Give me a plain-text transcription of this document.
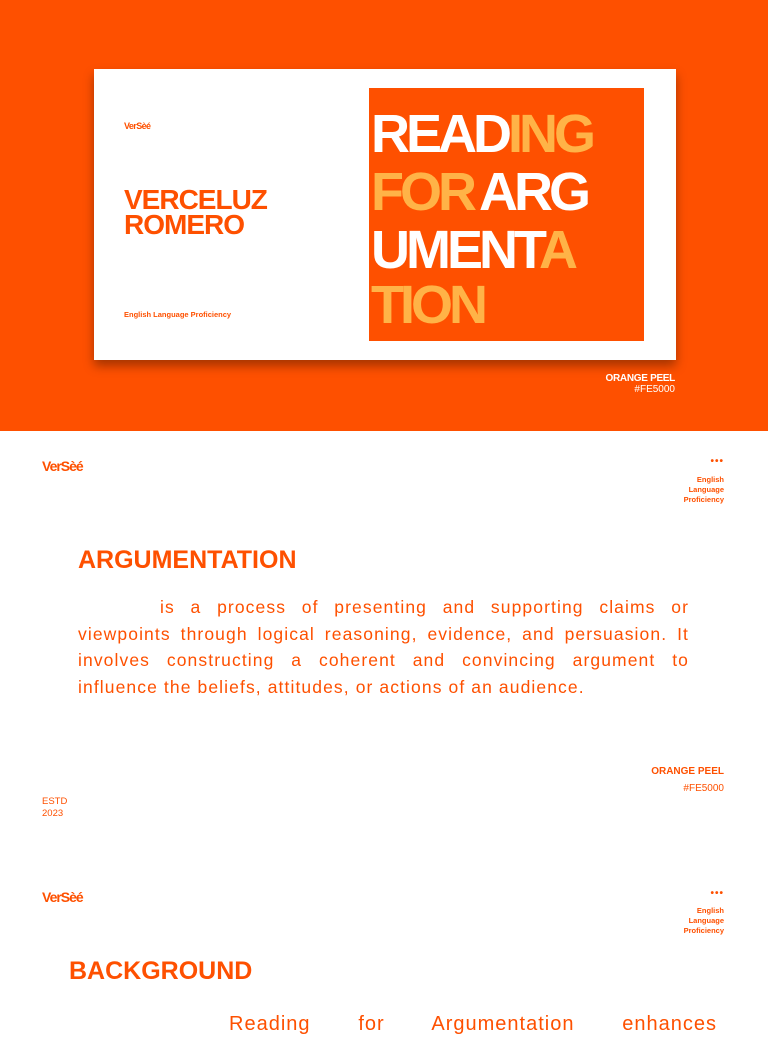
VerSèé
VERCELUZ
ROMERO
English Language Proficiency
READING
FOR ARG
UMENTA
TION
ORANGE PEEL
#FE5000
VerSèé	•••
English
Language
Proficiency
ARGUMENTATION
is a process of presenting and supporting claims or viewpoints through logical reasoning, evidence, and persuasion. It involves constructing a coherent and convincing argument to influence the beliefs, attitudes, or actions of an audience.
ORANGE PEEL
#FE5000
ESTD
2023
VerSèé	•••
English
Language
Proficiency
BACKGROUND
Reading for Argumentation enhances
